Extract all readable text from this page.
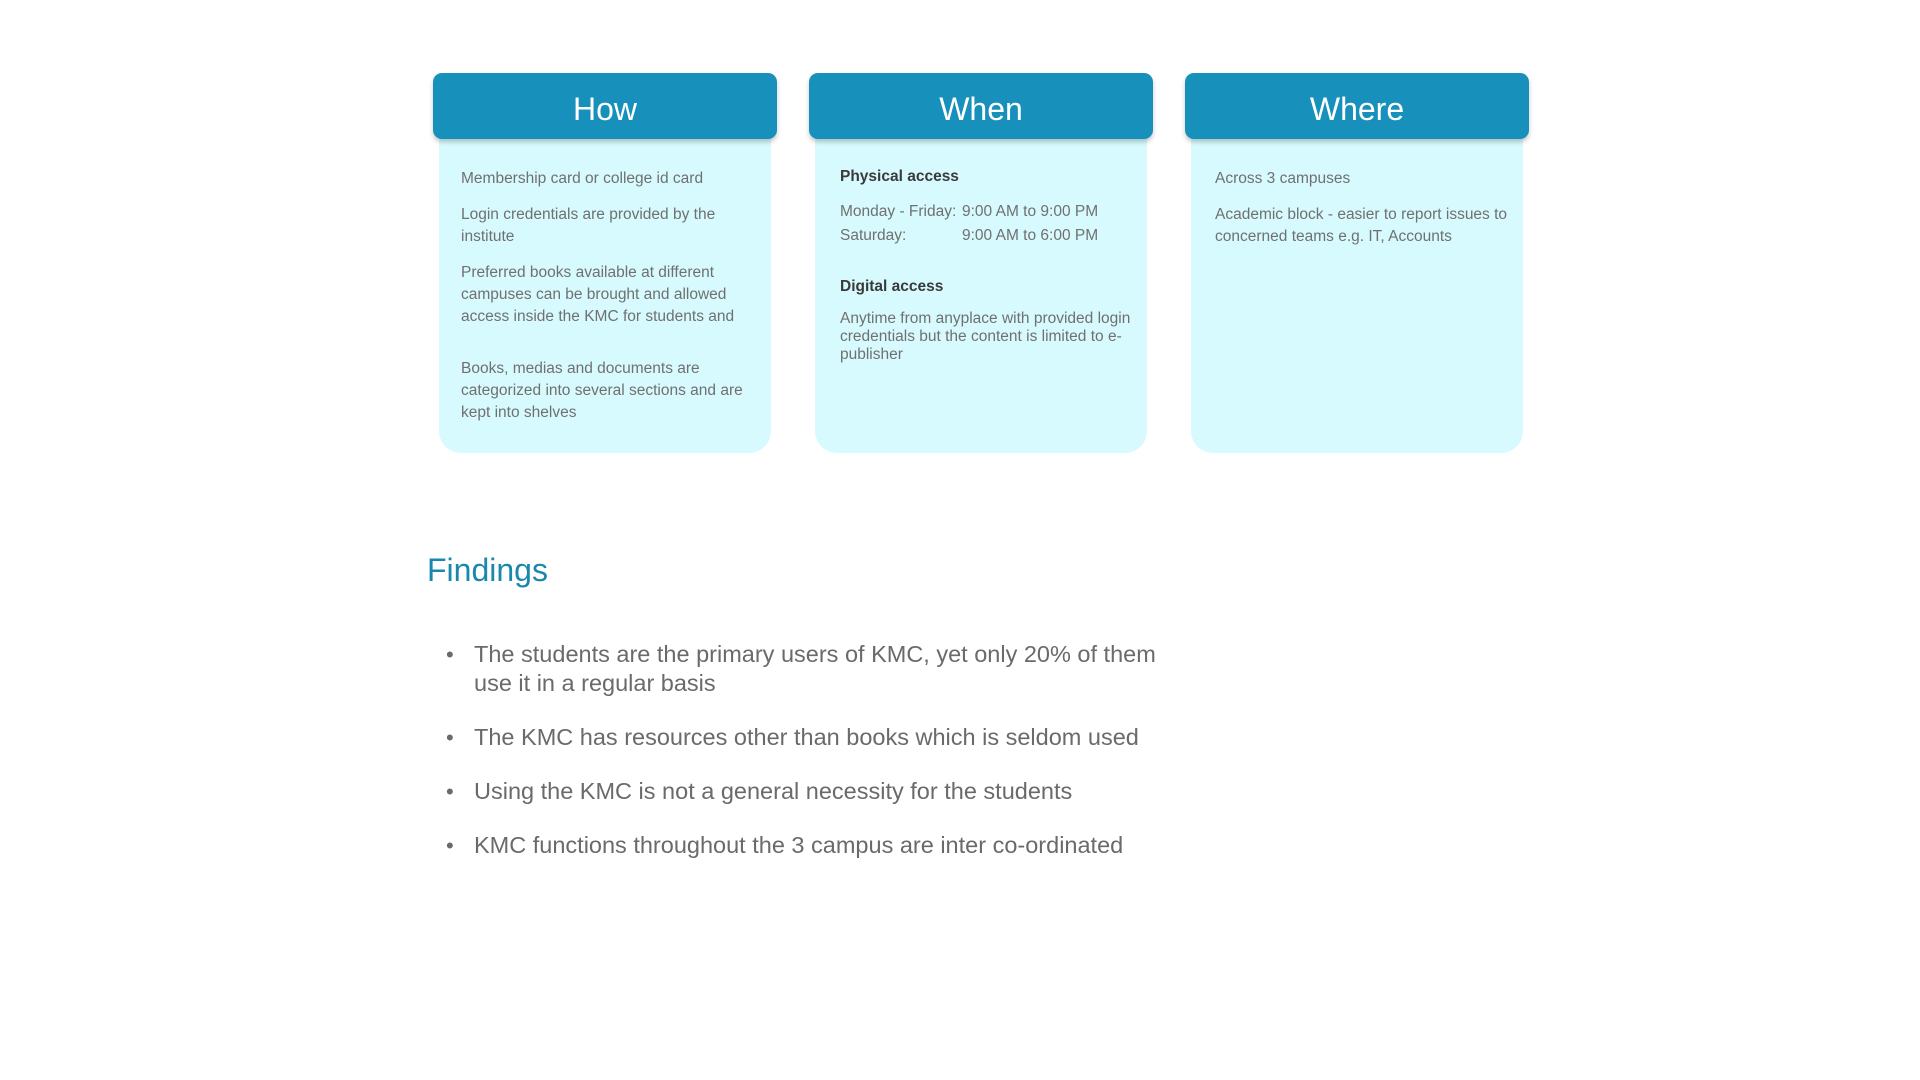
How

Membership card or college id card

Login credentials are provided by the institute

Preferred books available at different campuses can be brought and allowed access inside the KMC for students and

Books, medias and documents are categorized into several sections and are kept into shelves

When
Physical access
Monday - Friday: 9:00 AM to 9:00 PM
Saturday:	9:00 AM to 6:00 PM
Digital access

Anytime from anyplace with provided login credentials but the content is limited to e-publisher

Where

Across 3 campuses

Academic block - easier to report issues to concerned teams e.g. IT, Accounts

Findings
• The students are the primary users of KMC, yet only 20% of them use it in a regular basis
• The KMC has resources other than books which is seldom used
• Using the KMC is not a general necessity for the students
• KMC functions throughout the 3 campus are inter co-ordinated
